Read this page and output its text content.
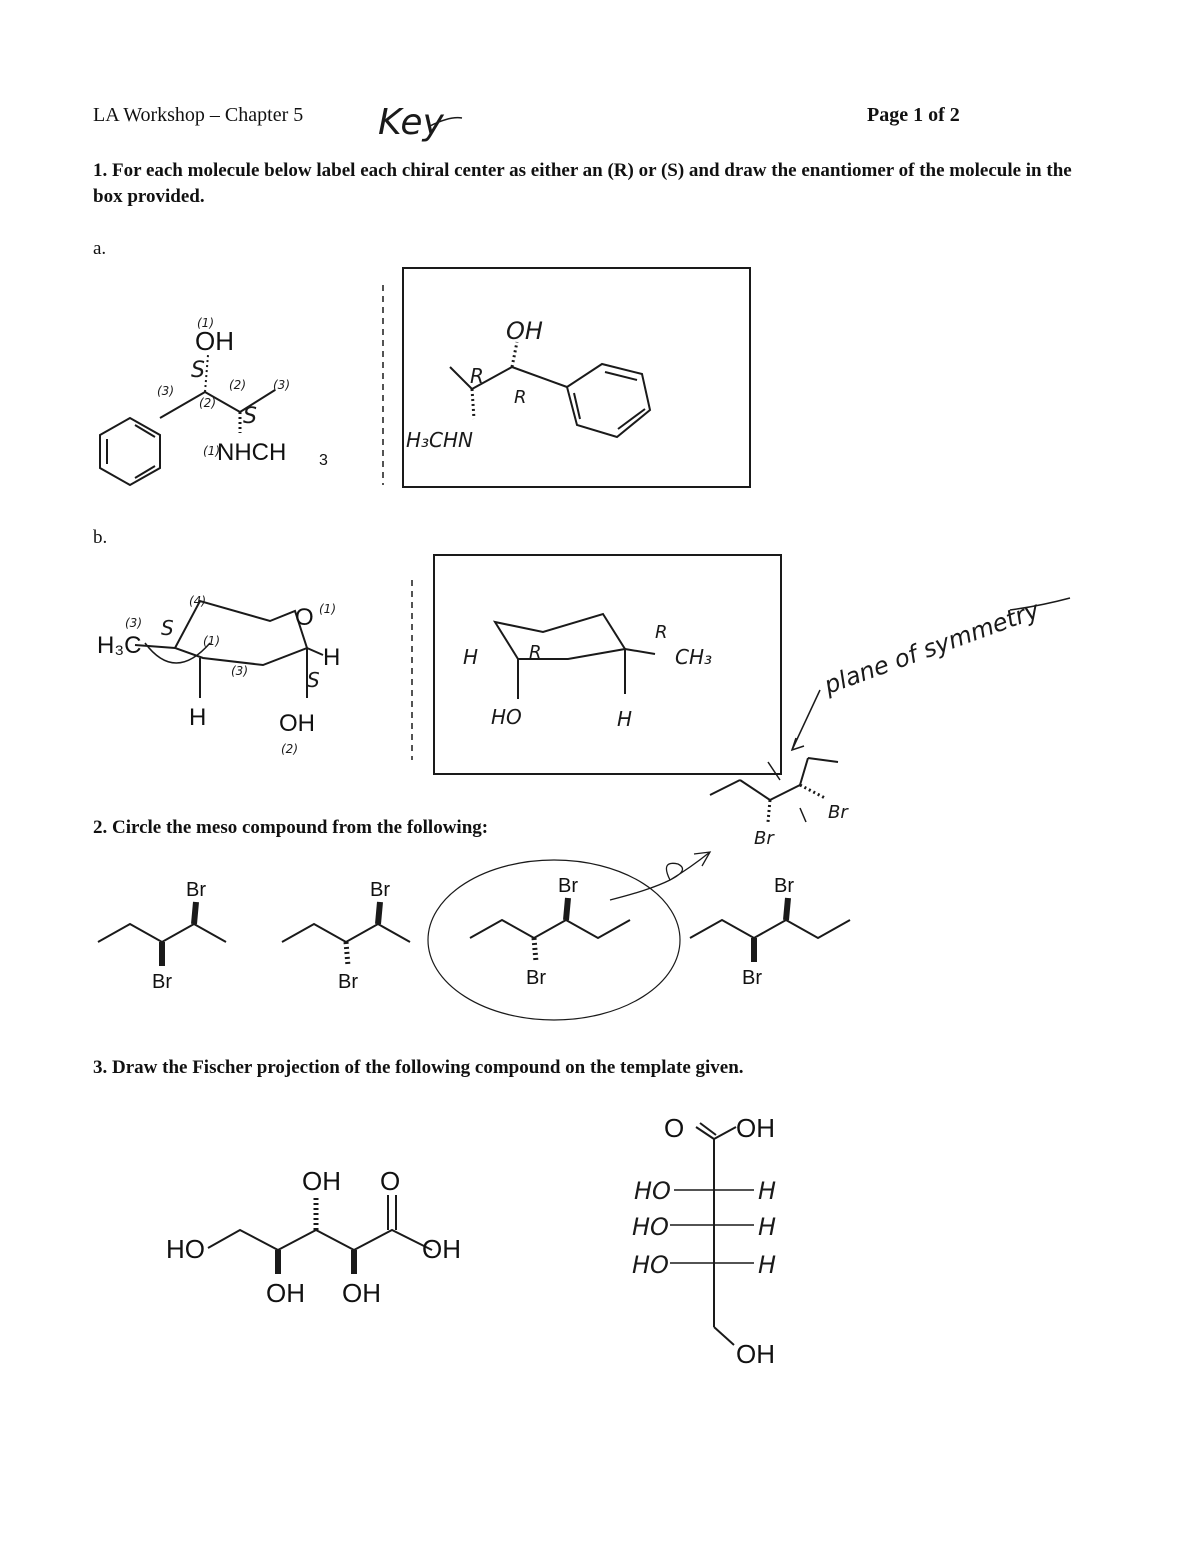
LA Workshop – Chapter 5 Key	Page 1 of 2
1. For each molecule below label each chiral center as either an (R) or (S) and draw the enantiomer of the molecule in the box provided.
a.
OH
NHCH 3
S
S
(1)
(3)
(2)
(2) (3)
(1)
OH
H₃CHN
R
R
b.
H₃C
O
H
H	OH
S
S
(3)
(4)
(1)
(3)
(1)
(2)
H
HO	H
CH₃
R
R	plane of symmetry
Br
Br
2. Circle the meso compound from the following:
Br
Br
Br
Br
Br
Br
Br
Br
3. Draw the Fischer projection of the following compound on the template given.
OH O
HO	OH
OH OH
O OH
HO	H
HO	H
HO	H
OH
